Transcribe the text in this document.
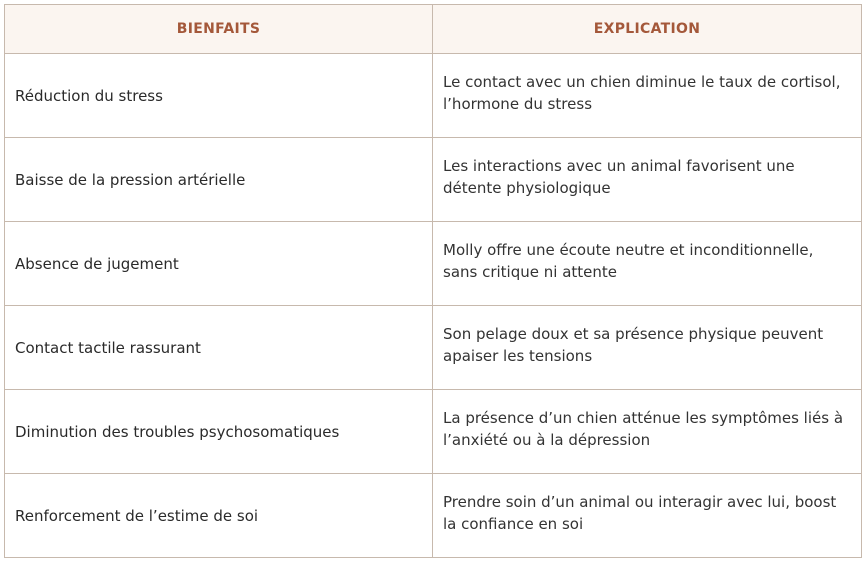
BIENFAITS	EXPLICATION
Réduction du stress	Le contact avec un chien diminue le taux de cortisol, l’hormone du stress
Baisse de la pression artérielle	Les interactions avec un animal favorisent une détente physiologique
Absence de jugement	Molly offre une écoute neutre et inconditionnelle, sans critique ni attente
Contact tactile rassurant	Son pelage doux et sa présence physique peuvent apaiser les tensions
Diminution des troubles psychosomatiques	La présence d’un chien atténue les symptômes liés à l’anxiété ou à la dépression
Renforcement de l’estime de soi	Prendre soin d’un animal ou interagir avec lui, boost la confiance en soi
